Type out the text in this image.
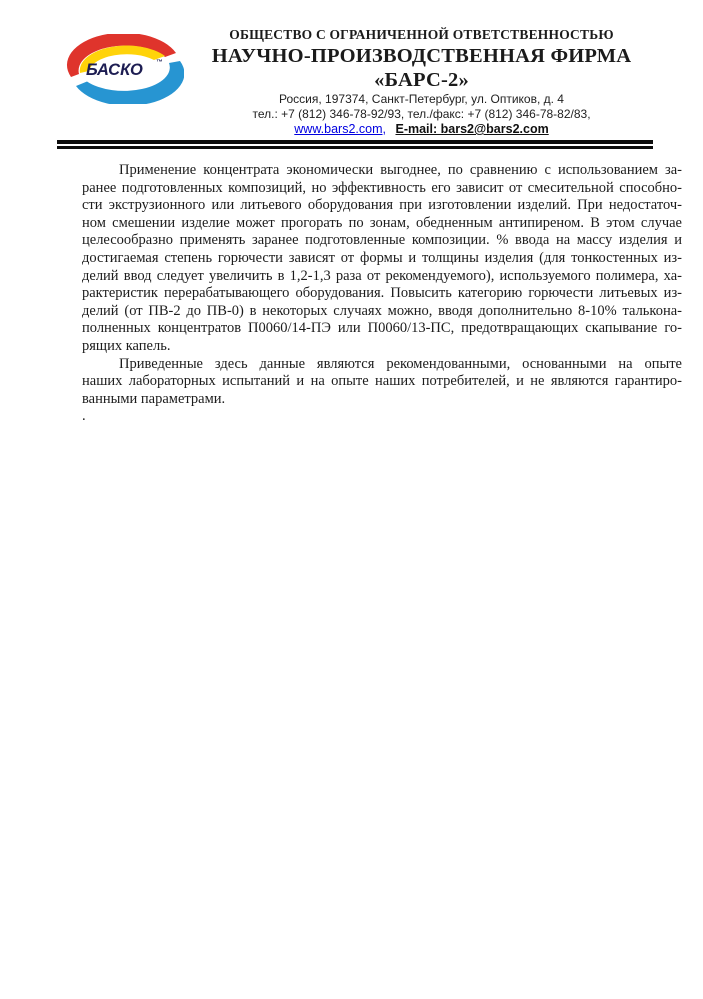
БАСКО ™
ОБЩЕСТВО С ОГРАНИЧЕННОЙ ОТВЕТСТВЕННОСТЬЮ
НАУЧНО-ПРОИЗВОДСТВЕННАЯ ФИРМА «БАРС-2»
Россия, 197374, Санкт-Петербург, ул. Оптиков, д. 4
тел.: +7 (812) 346-78-92/93, тел./факс: +7 (812) 346-78-82/83,
www.bars2.com, E-mail: bars2@bars2.com
Применение концентрата экономически выгоднее, по сравнению с использованием за-
ранее подготовленных композиций, но эффективность его зависит от смесительной способно-
сти экструзионного или литьевого оборудования при изготовлении изделий. При недостаточ-
ном смешении изделие может прогорать по зонам, обедненным антипиреном. В этом случае
целесообразно применять заранее подготовленные композиции. % ввода на массу изделия и
достигаемая степень горючести зависят от формы и толщины изделия (для тонкостенных из-
делий ввод следует увеличить в 1,2-1,3 раза от рекомендуемого), используемого полимера, ха-
рактеристик перерабатывающего оборудования. Повысить категорию горючести литьевых из-
делий (от ПВ-2 до ПВ-0) в некоторых случаях можно, вводя дополнительно 8-10% талькона-
полненных концентратов П0060/14-ПЭ или П0060/13-ПС, предотвращающих скапывание го-
рящих капель.
Приведенные здесь данные являются рекомендованными, основанными на опыте
наших лабораторных испытаний и на опыте наших потребителей, и не являются гарантиро-
ванными параметрами.
.
